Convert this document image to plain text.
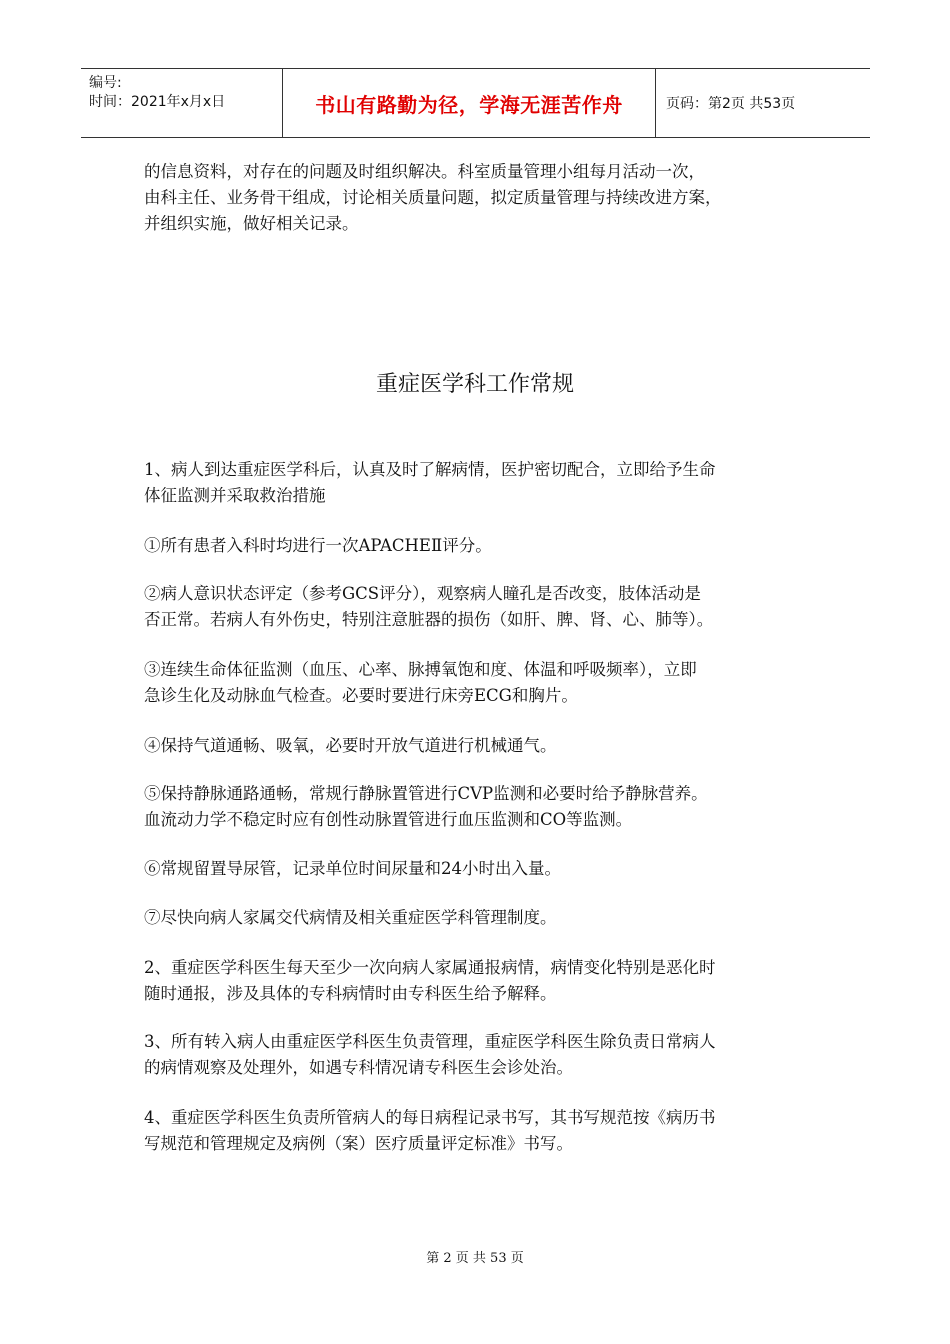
编号:
时间：2021年x月x日	书山有路勤为径，学海无涯苦作舟	页码：第2页 共53页

的信息资料，对存在的问题及时组织解决。科室质量管理小组每月活动一次，
由科主任、业务骨干组成，讨论相关质量问题，拟定质量管理与持续改进方案，
并组织实施，做好相关记录。

重症医学科工作常规

1、病人到达重症医学科后，认真及时了解病情，医护密切配合，立即给予生命
体征监测并采取救治措施

①所有患者入科时均进行一次APACHEⅡ评分。

②病人意识状态评定（参考GCS评分），观察病人瞳孔是否改变，肢体活动是
否正常。若病人有外伤史，特别注意脏器的损伤（如肝、脾、肾、心、肺等）。

③连续生命体征监测（血压、心率、脉搏氧饱和度、体温和呼吸频率），立即
急诊生化及动脉血气检查。必要时要进行床旁ECG和胸片。

④保持气道通畅、吸氧，必要时开放气道进行机械通气。

⑤保持静脉通路通畅，常规行静脉置管进行CVP监测和必要时给予静脉营养。
血流动力学不稳定时应有创性动脉置管进行血压监测和CO等监测。

⑥常规留置导尿管，记录单位时间尿量和24小时出入量。

⑦尽快向病人家属交代病情及相关重症医学科管理制度。

2、重症医学科医生每天至少一次向病人家属通报病情，病情变化特别是恶化时
随时通报，涉及具体的专科病情时由专科医生给予解释。

3、所有转入病人由重症医学科医生负责管理，重症医学科医生除负责日常病人
的病情观察及处理外，如遇专科情况请专科医生会诊处治。

4、重症医学科医生负责所管病人的每日病程记录书写，其书写规范按《病历书
写规范和管理规定及病例（案）医疗质量评定标准》书写。

第 2 页 共 53 页
